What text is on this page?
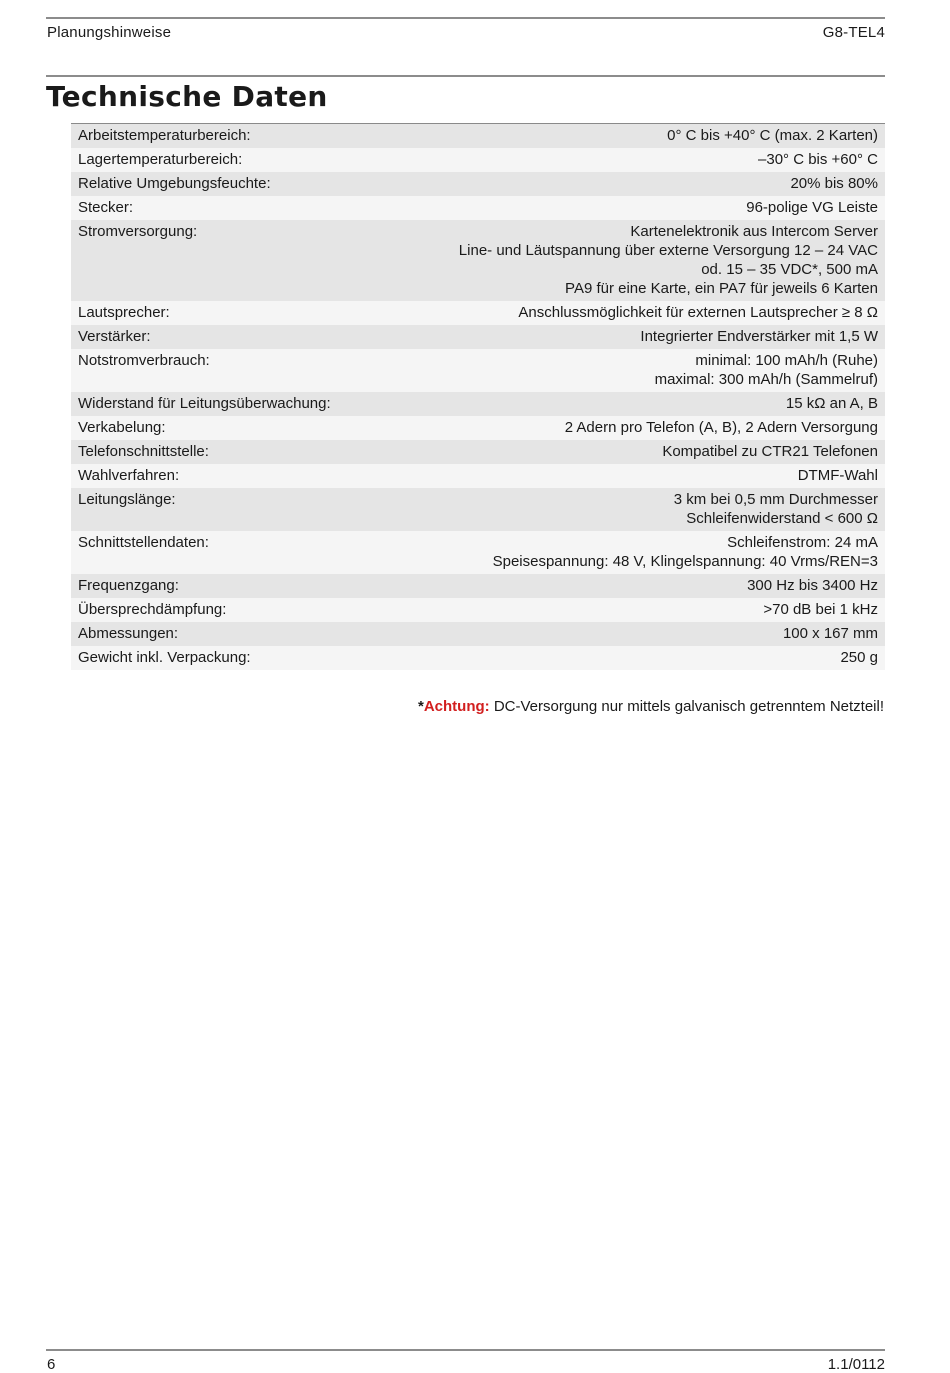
Planungshinweise	G8-TEL4
Technische Daten
Arbeitstemperaturbereich:	0° C bis +40° C (max. 2 Karten)
Lagertemperaturbereich:	–30° C bis +60° C
Relative Umgebungsfeuchte:	20% bis 80%
Stecker:	96-polige VG Leiste
Stromversorgung:	Kartenelektronik aus Intercom Server
Line- und Läutspannung über externe Versorgung 12 – 24 VAC
od. 15 – 35 VDC*, 500 mA
PA9 für eine Karte, ein PA7 für jeweils 6 Karten
Lautsprecher:	Anschlussmöglichkeit für externen Lautsprecher ≥ 8 Ω
Verstärker:	Integrierter Endverstärker mit 1,5 W
Notstromverbrauch:	minimal: 100 mAh/h (Ruhe)
maximal: 300 mAh/h (Sammelruf)
Widerstand für Leitungsüberwachung:	15 kΩ an A, B
Verkabelung:	2 Adern pro Telefon (A, B), 2 Adern Versorgung
Telefonschnittstelle:	Kompatibel zu CTR21 Telefonen
Wahlverfahren:	DTMF-Wahl
Leitungslänge:	3 km bei 0,5 mm Durchmesser
Schleifenwiderstand < 600 Ω
Schnittstellendaten:	Schleifenstrom: 24 mA
Speisespannung: 48 V, Klingelspannung: 40 Vrms/REN=3
Frequenzgang:	300 Hz bis 3400 Hz
Übersprechdämpfung:	>70 dB bei 1 kHz
Abmessungen:	100 x 167 mm
Gewicht inkl. Verpackung:	250 g
*Achtung: DC-Versorgung nur mittels galvanisch getrenntem Netzteil!
6	1.1/0112
